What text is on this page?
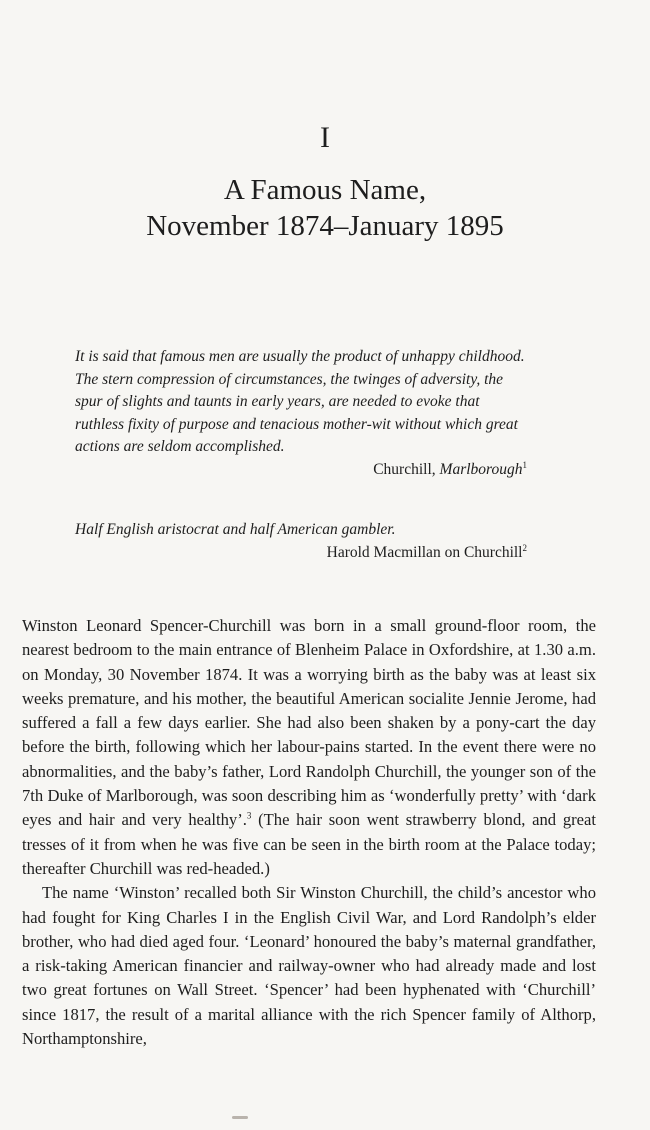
I
A Famous Name,
November 1874–January 1895
It is said that famous men are usually the product of unhappy childhood. The stern compression of circumstances, the twinges of adversity, the spur of slights and taunts in early years, are needed to evoke that ruthless fixity of purpose and tenacious mother-wit without which great actions are seldom accomplished.
Churchill, Marlborough$^1$
Half English aristocrat and half American gambler.
Harold Macmillan on Churchill$^2$

Winston Leonard Spencer-Churchill was born in a small ground-floor room, the nearest bedroom to the main entrance of Blenheim Palace in Oxfordshire, at 1.30 a.m. on Monday, 30 November 1874. It was a worrying birth as the baby was at least six weeks premature, and his mother, the beautiful American socialite Jennie Jerome, had suffered a fall a few days earlier. She had also been shaken by a pony-cart the day before the birth, following which her labour-pains started. In the event there were no abnormalities, and the baby’s father, Lord Randolph Churchill, the younger son of the 7th Duke of Marlborough, was soon describing him as ‘wonderfully pretty’ with ‘dark eyes and hair and very healthy’.$^3$ (The hair soon went strawberry blond, and great tresses of it from when he was five can be seen in the birth room at the Palace today; thereafter Churchill was red-headed.)

The name ‘Winston’ recalled both Sir Winston Churchill, the child’s ancestor who had fought for King Charles I in the English Civil War, and Lord Randolph’s elder brother, who had died aged four. ‘Leonard’ honoured the baby’s maternal grandfather, a risk-taking American financier and railway-owner who had already made and lost two great fortunes on Wall Street. ‘Spencer’ had been hyphenated with ‘Churchill’ since 1817, the result of a marital alliance with the rich Spencer family of Althorp, Northamptonshire,
